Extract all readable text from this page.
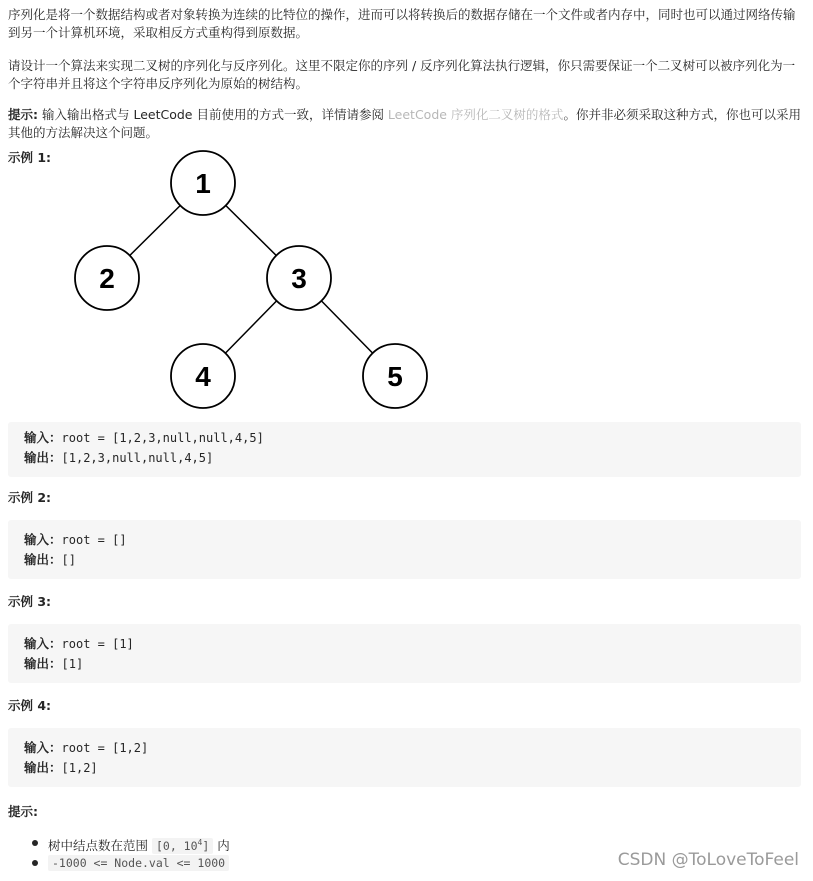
序列化是将一个数据结构或者对象转换为连续的比特位的操作，进而可以将转换后的数据存储在一个文件或者内存中，同时也可以通过网络传输到另一个计算机环境，采取相反方式重构得到原数据。
请设计一个算法来实现二叉树的序列化与反序列化。这里不限定你的序列 / 反序列化算法执行逻辑，你只需要保证一个二叉树可以被序列化为一个字符串并且将这个字符串反序列化为原始的树结构。
提示: 输入输出格式与 LeetCode 目前使用的方式一致，详情请参阅 LeetCode 序列化二叉树的格式。你并非必须采取这种方式，你也可以采用其他的方法解决这个问题。
示例 1:
1
2	3
4	5
输入：root = [1,2,3,null,null,4,5]
输出：[1,2,3,null,null,4,5]
示例 2:
输入：root = []
输出：[]
示例 3:
输入：root = [1]
输出：[1]
示例 4:
输入：root = [1,2]
输出：[1,2]
提示:
树中结点数在范围 [0, $10^4$] 内
-1000 <= Node.val <= 1000	CSDN @ToLoveToFeel
